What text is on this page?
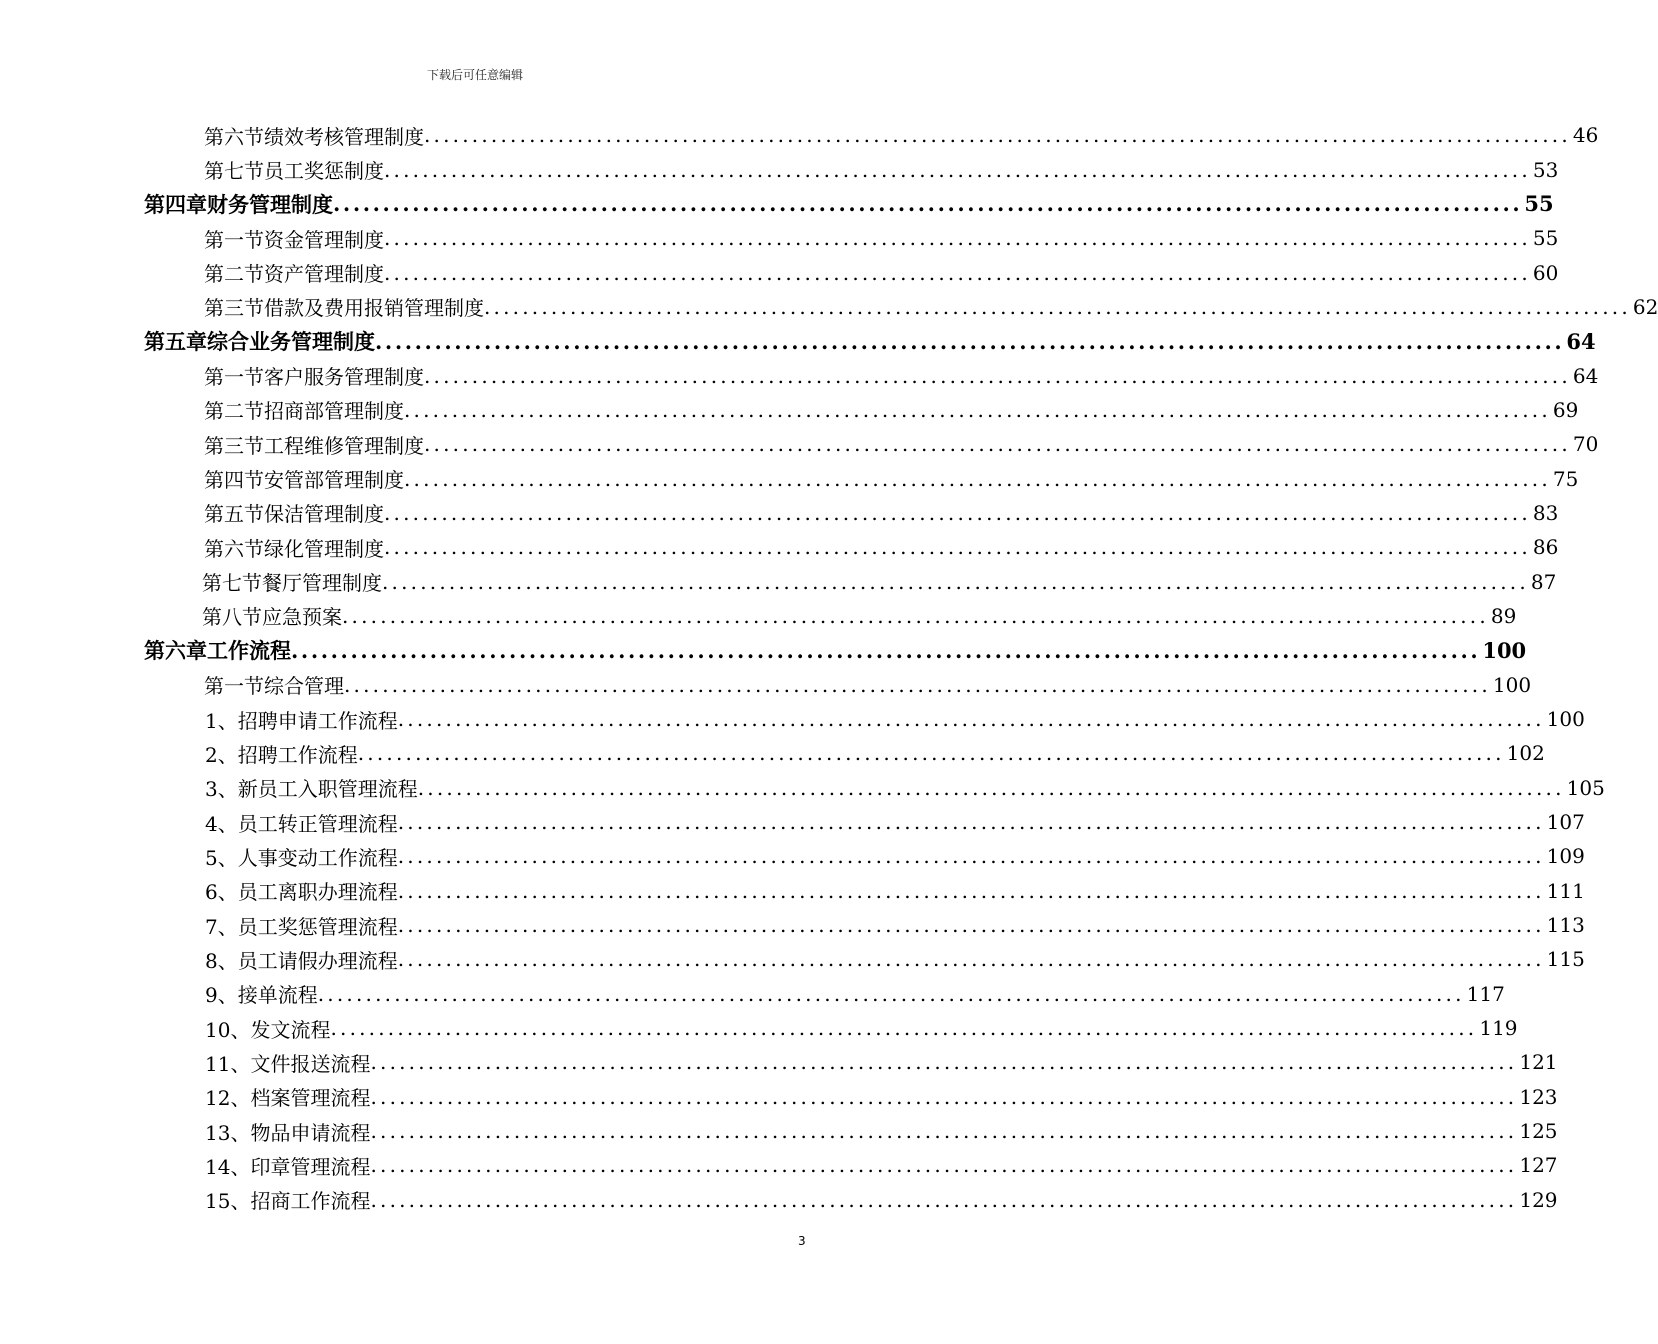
下载后可任意编辑
第六节 绩效考核管理制度 ........................................................................................................................ 46
第七节 员工奖惩制度 ........................................................................................................................ 53
第四章 财务管理制度 ........................................................................................................................ 55
第一节 资金管理制度 ........................................................................................................................ 55
第二节 资产管理制度 ........................................................................................................................ 60
第三节 借款及费用报销管理制度 ........................................................................................................................ 62
第五章 综合业务管理制度 ........................................................................................................................ 64
第一节 客户服务管理制度 ........................................................................................................................ 64
第二节 招商部管理制度 ........................................................................................................................ 69
第三节 工程维修管理制度 ........................................................................................................................ 70
第四节 安管部管理制度 ........................................................................................................................ 75
第五节 保洁管理制度 ........................................................................................................................ 83
第六节 绿化管理制度 ........................................................................................................................ 86
第七节 餐厅管理制度 ........................................................................................................................ 87
第八节 应急预案 ........................................................................................................................ 89
第六章 工作流程 ........................................................................................................................ 100
第一节 综合管理 ........................................................................................................................ 100
1、 招聘申请工作流程 ........................................................................................................................ 100
2、 招聘工作流程 ........................................................................................................................ 102
3、 新员工入职管理流程 ........................................................................................................................ 105
4、 员工转正管理流程 ........................................................................................................................ 107
5、 人事变动工作流程 ........................................................................................................................ 109
6、 员工离职办理流程 ........................................................................................................................ 111
7、 员工奖惩管理流程 ........................................................................................................................ 113
8、 员工请假办理流程 ........................................................................................................................ 115
9、 接单流程 ........................................................................................................................ 117
10、 发文流程 ........................................................................................................................ 119
11、 文件报送流程 ........................................................................................................................ 121
12、 档案管理流程 ........................................................................................................................ 123
13、 物品申请流程 ........................................................................................................................ 125
14、 印章管理流程 ........................................................................................................................ 127
15、 招商工作流程 ........................................................................................................................ 129
3
